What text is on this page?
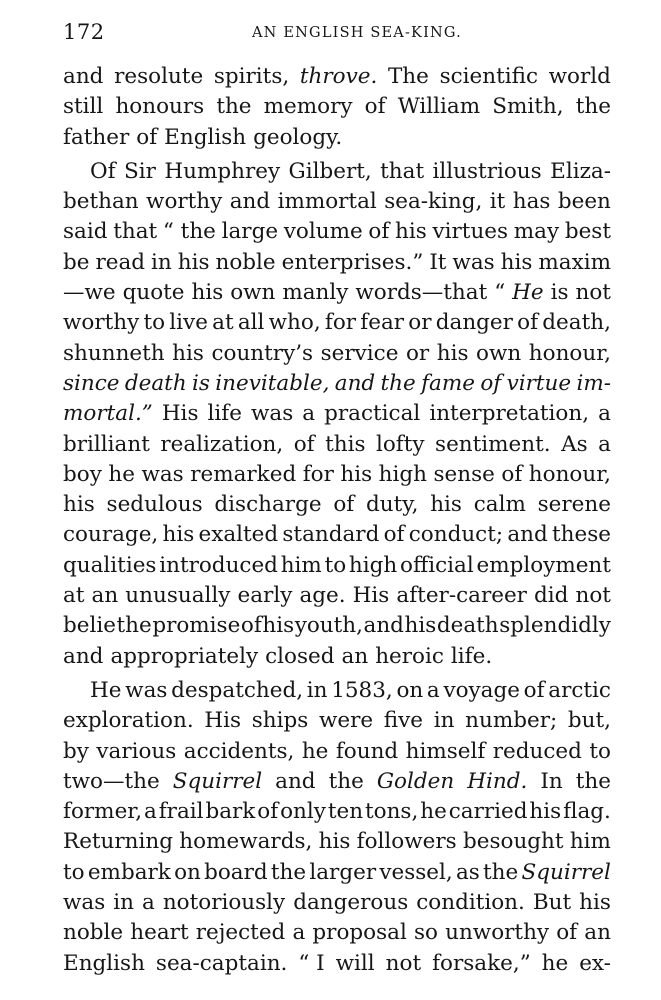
172	AN ENGLISH SEA-KING.
and resolute spirits, throve. The scientific world
still honours the memory of William Smith, the
father of English geology.
Of Sir Humphrey Gilbert, that illustrious Eliza-
bethan worthy and immortal sea-king, it has been
said that “ the large volume of his virtues may best
be read in his noble enterprises.” It was his maxim
—we quote his own manly words—that “ He is not
worthy to live at all who, for fear or danger of death,
shunneth his country’s service or his own honour,
since death is inevitable, and the fame of virtue im-
mortal.” His life was a practical interpretation, a
brilliant realization, of this lofty sentiment. As a
boy he was remarked for his high sense of honour,
his sedulous discharge of duty, his calm serene
courage, his exalted standard of conduct; and these
qualities introduced him to high official employment
at an unusually early age. His after-career did not
belie the promise of his youth, and his death splendidly
and appropriately closed an heroic life.
He was despatched, in 1583, on a voyage of arctic
exploration. His ships were five in number; but,
by various accidents, he found himself reduced to
two—the Squirrel and the Golden Hind. In the
former, a frail bark of only ten tons, he carried his flag.
Returning homewards, his followers besought him
to embark on board the larger vessel, as the Squirrel
was in a notoriously dangerous condition. But his
noble heart rejected a proposal so unworthy of an
English sea-captain. “ I will not forsake,” he ex-
